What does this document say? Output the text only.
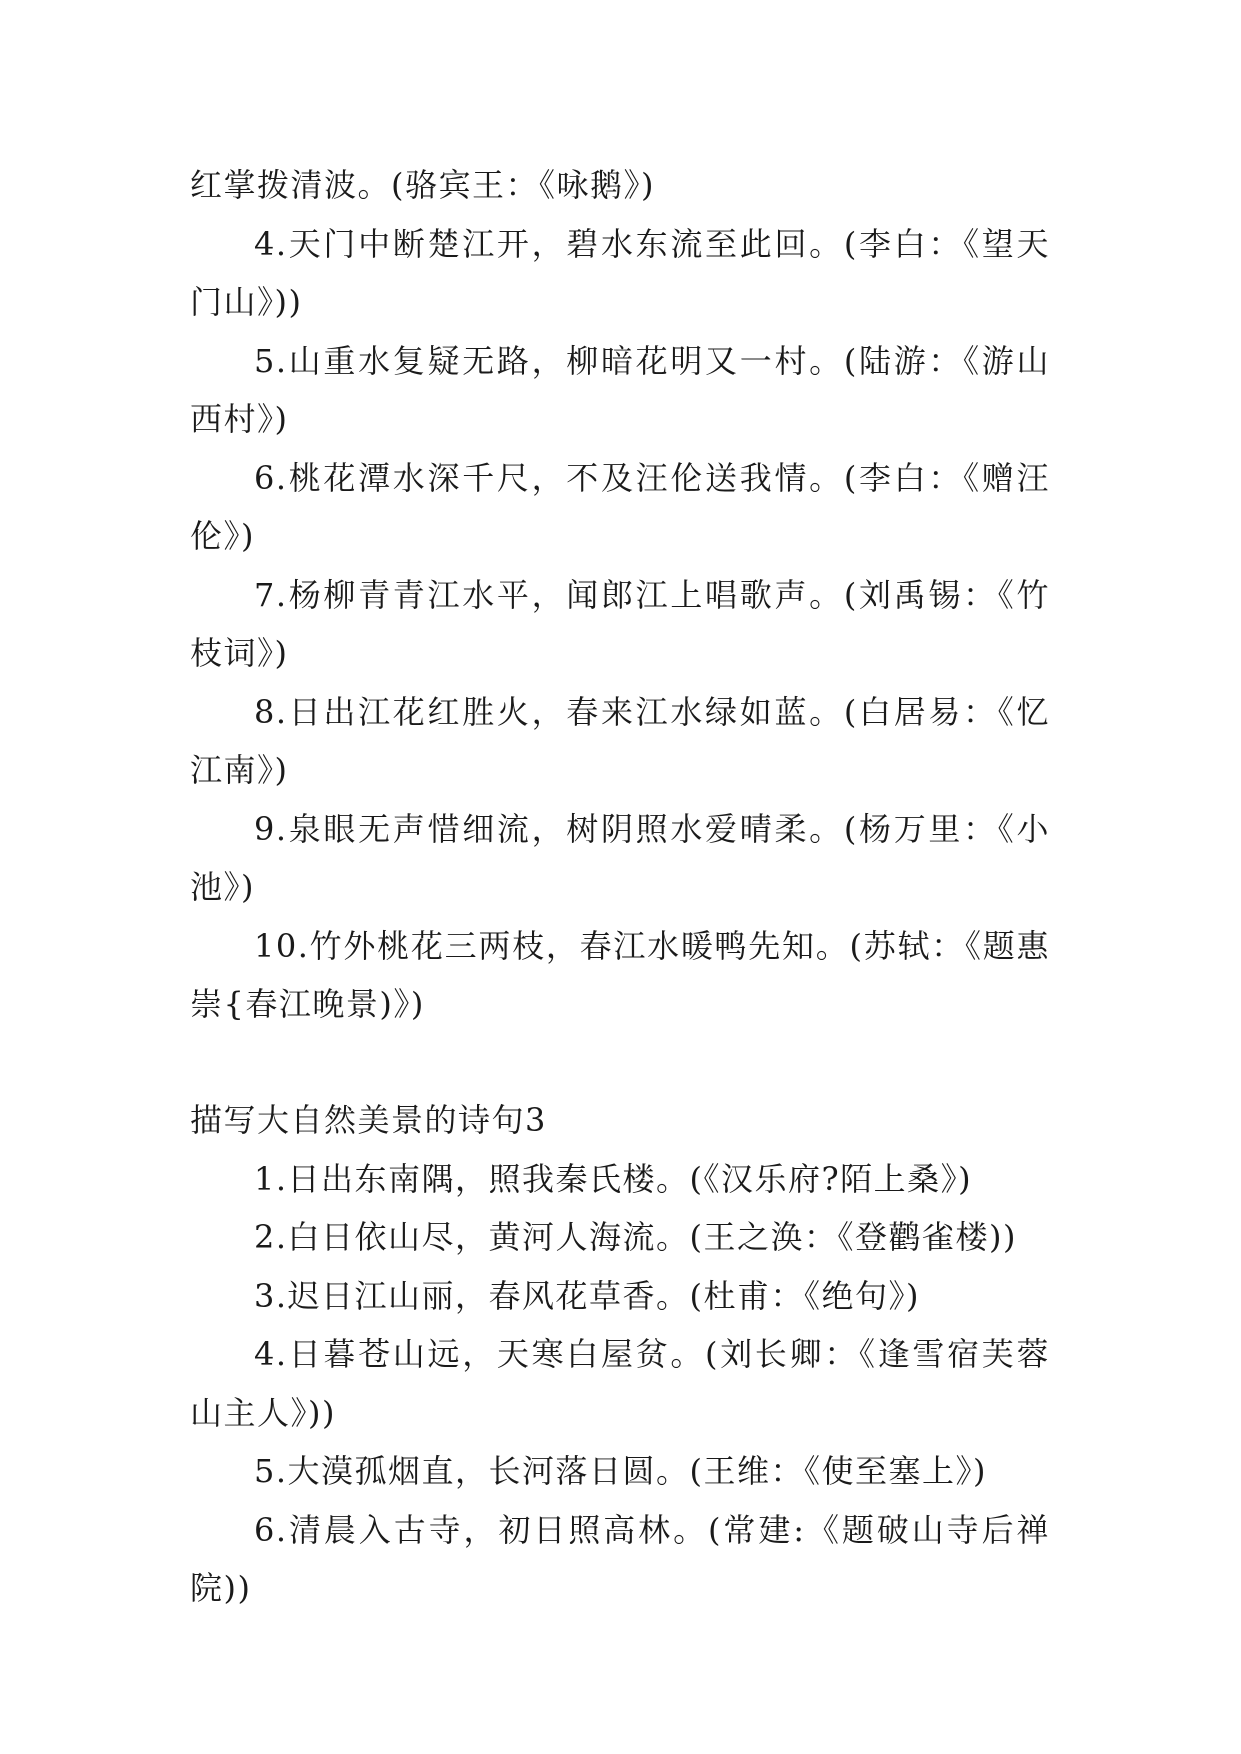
红掌拨清波。(骆宾王：《咏鹅》)

4.天门中断楚江开，碧水东流至此回。(李白：《望天门山》))

5.山重水复疑无路，柳暗花明又一村。(陆游：《游山西村》)

6.桃花潭水深千尺，不及汪伦送我情。(李白：《赠汪伦》)

7.杨柳青青江水平，闻郎江上唱歌声。(刘禹锡：《竹枝词》)

8.日出江花红胜火，春来江水绿如蓝。(白居易：《忆江南》)

9.泉眼无声惜细流，树阴照水爱晴柔。(杨万里：《小池》)

10.竹外桃花三两枝，春江水暖鸭先知。(苏轼：《题惠崇{春江晚景)》)

描写大自然美景的诗句3

1.日出东南隅，照我秦氏楼。(《汉乐府?陌上桑》)

2.白日依山尽，黄河人海流。(王之涣：《登鹳雀楼))

3.迟日江山丽，春风花草香。(杜甫：《绝句》)

4.日暮苍山远，天寒白屋贫。(刘长卿：《逢雪宿芙蓉山主人》))

5.大漠孤烟直，长河落日圆。(王维：《使至塞上》)

6.清晨入古寺，初日照高林。(常建:《题破山寺后禅院))
